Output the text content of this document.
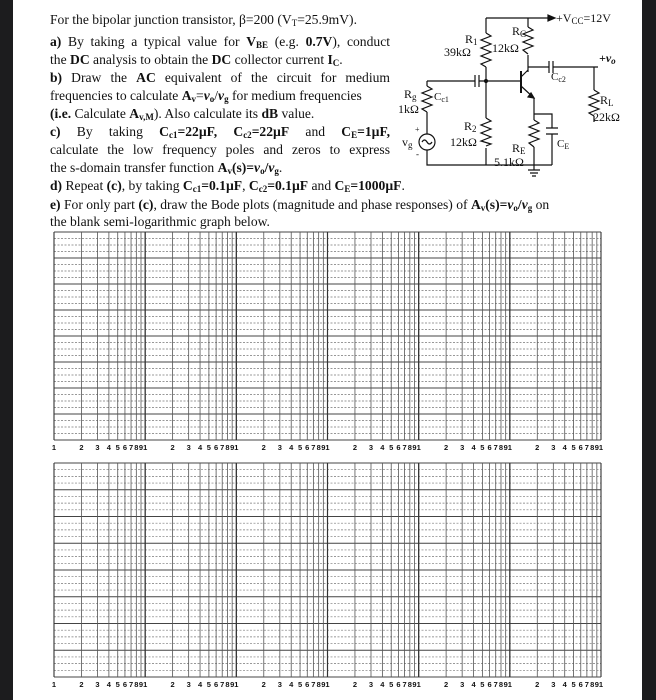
For the bipolar junction transistor, β=200 $(V_T=25.9mV)$.
a) By taking a typical value for $V_{BE}$ (e.g. 0.7V), conduct
the DC analysis to obtain the DC collector current $I_C$.
b) Draw the AC equivalent of the circuit for medium
frequencies to calculate $A_v=v_o/v_g$ for medium frequencies
(i.e. Calculate $A_{v,M}$). Also calculate its dB value.
c) By taking $C_{c1}=22\mu F$, $C_{c2}=22\mu F$ and $C_E=1\mu F$,
calculate the low frequency poles and zeros to express
the s-domain transfer function $A_v(s)=v_o/v_g$.
d) Repeat (c), by taking $C_{c1}=0.1\mu F$, $C_{c2}=0.1\mu F$ and $C_E=1000\mu F$.
e) For only part (c), draw the Bode plots (magnitude and phase responses) of $A_v(s)=v_o/v_g$ on
the blank semi-logarithmic graph below.
+VCC=12V
R1
39kΩ
RC
12kΩ
Cc2
+vo
Cc1
Rg
1kΩ
R2
12kΩ	RE
5.1kΩ
CE
RL
22kΩ
vg
+
-
1	2 3 4 5 6 7 8 9 1	2 3 4 5 6 7 8 9 1	2 3 4 5 6 7 8 9 1	2 3 4 5 6 7 8 9 1	2 3 4 5 6 7 8 9 1	2 3 4 5 6 7 8 9 1
1	2 3 4 5 6 7 8 9 1	2 3 4 5 6 7 8 9 1	2 3 4 5 6 7 8 9 1	2 3 4 5 6 7 8 9 1	2 3 4 5 6 7 8 9 1	2 3 4 5 6 7 8 9 1
